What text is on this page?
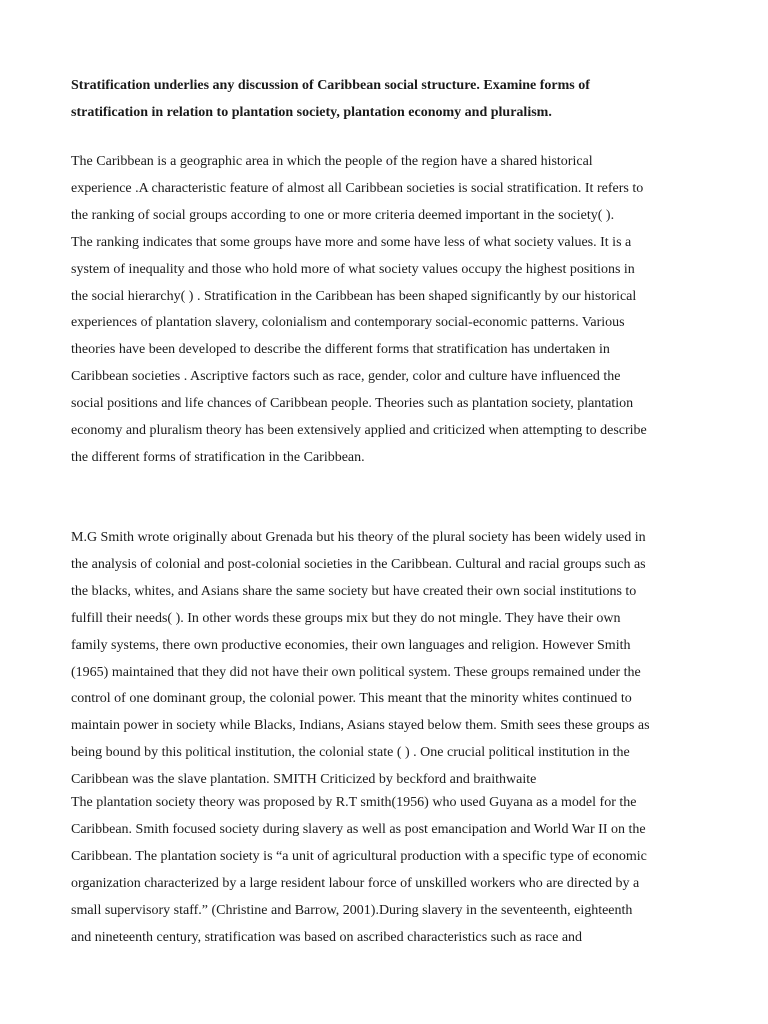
Stratification underlies any discussion of Caribbean social structure. Examine forms of
stratification in relation to plantation society, plantation economy and pluralism.

The Caribbean is a geographic area in which the people of the region have a shared historical
experience .A characteristic feature of almost all Caribbean societies is social stratification. It refers to
the ranking of social groups according to one or more criteria deemed important in the society( ).
The ranking indicates that some groups have more and some have less of what society values. It is a
system of inequality and those who hold more of what society values occupy the highest positions in
the social hierarchy( ) . Stratification in the Caribbean has been shaped significantly by our historical
experiences of plantation slavery, colonialism and contemporary social-economic patterns. Various
theories have been developed to describe the different forms that stratification has undertaken in
Caribbean societies . Ascriptive factors such as race, gender, color and culture have influenced the
social positions and life chances of Caribbean people. Theories such as plantation society, plantation
economy and pluralism theory has been extensively applied and criticized when attempting to describe
the different forms of stratification in the Caribbean.

M.G Smith wrote originally about Grenada but his theory of the plural society has been widely used in
the analysis of colonial and post-colonial societies in the Caribbean. Cultural and racial groups such as
the blacks, whites, and Asians share the same society but have created their own social institutions to
fulfill their needs( ). In other words these groups mix but they do not mingle. They have their own
family systems, there own productive economies, their own languages and religion. However Smith
(1965) maintained that they did not have their own political system. These groups remained under the
control of one dominant group, the colonial power. This meant that the minority whites continued to
maintain power in society while Blacks, Indians, Asians stayed below them. Smith sees these groups as
being bound by this political institution, the colonial state ( ) . One crucial political institution in the
Caribbean was the slave plantation. SMITH Criticized by beckford and braithwaite

The plantation society theory was proposed by R.T smith(1956) who used Guyana as a model for the
Caribbean. Smith focused society during slavery as well as post emancipation and World War II on the
Caribbean. The plantation society is “a unit of agricultural production with a specific type of economic
organization characterized by a large resident labour force of unskilled workers who are directed by a
small supervisory staff.” (Christine and Barrow, 2001).During slavery in the seventeenth, eighteenth
and nineteenth century, stratification was based on ascribed characteristics such as race and
